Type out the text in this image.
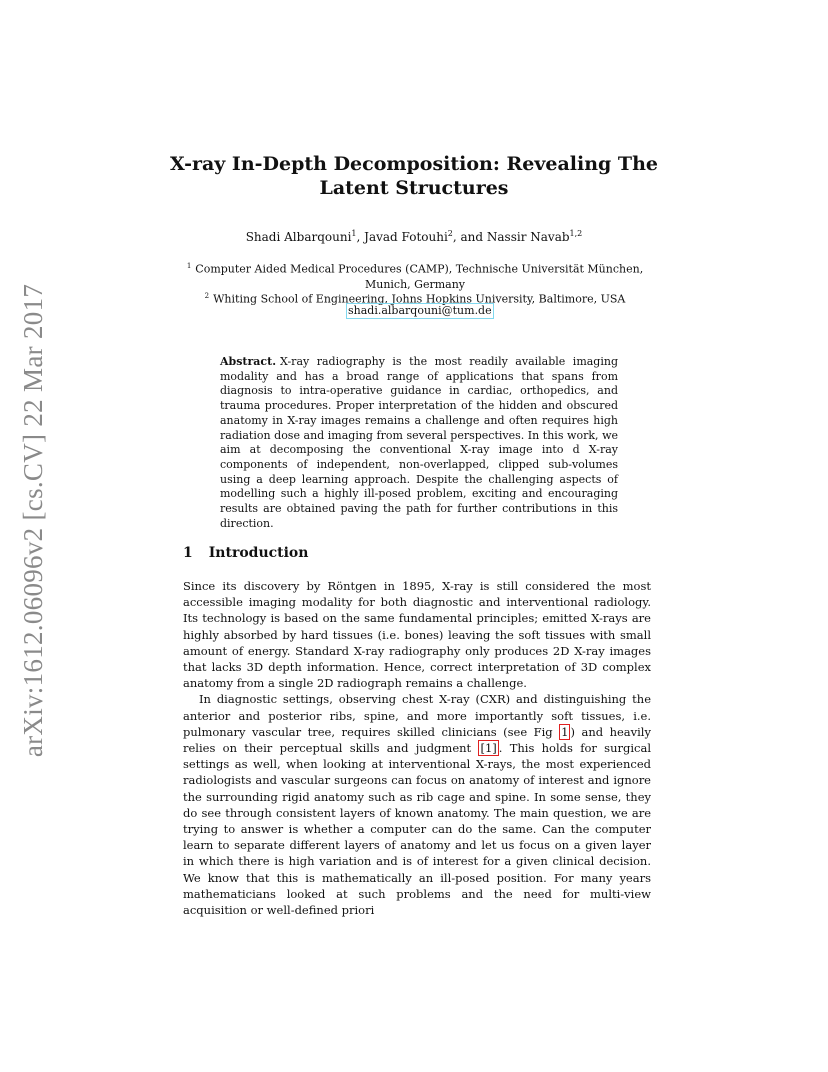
arXiv:1612.06096v2 [cs.CV] 22 Mar 2017
X-ray In-Depth Decomposition: Revealing The Latent Structures
Shadi Albarqouni$^1$, Javad Fotouhi$^2$, and Nassir Navab$^{1,2}$
$^1$ Computer Aided Medical Procedures (CAMP), Technische Universität München, Munich, Germany
$^2$ Whiting School of Engineering, Johns Hopkins University, Baltimore, USA
shadi.albarqouni@tum.de
Abstract. X-ray radiography is the most readily available imaging modality and has a broad range of applications that spans from diagnosis to intra-operative guidance in cardiac, orthopedics, and trauma procedures. Proper interpretation of the hidden and obscured anatomy in X-ray images remains a challenge and often requires high radiation dose and imaging from several perspectives. In this work, we aim at decomposing the conventional X-ray image into d X-ray components of independent, non-overlapped, clipped sub-volumes using a deep learning approach. Despite the challenging aspects of modelling such a highly ill-posed problem, exciting and encouraging results are obtained paving the path for further contributions in this direction.
1 Introduction

Since its discovery by Röntgen in 1895, X-ray is still considered the most accessible imaging modality for both diagnostic and interventional radiology. Its technology is based on the same fundamental principles; emitted X-rays are highly absorbed by hard tissues (i.e. bones) leaving the soft tissues with small amount of energy. Standard X-ray radiography only produces 2D X-ray images that lacks 3D depth information. Hence, correct interpretation of 3D complex anatomy from a single 2D radiograph remains a challenge.

In diagnostic settings, observing chest X-ray (CXR) and distinguishing the anterior and posterior ribs, spine, and more importantly soft tissues, i.e. pulmonary vascular tree, requires skilled clinicians (see Fig 1 ) and heavily relies on their perceptual skills and judgment [1] . This holds for surgical settings as well, when looking at interventional X-rays, the most experienced radiologists and vascular surgeons can focus on anatomy of interest and ignore the surrounding rigid anatomy such as rib cage and spine. In some sense, they do see through consistent layers of known anatomy. The main question, we are trying to answer is whether a computer can do the same. Can the computer learn to separate different layers of anatomy and let us focus on a given layer in which there is high variation and is of interest for a given clinical decision. We know that this is mathematically an ill-posed position. For many years mathematicians looked at such problems and the need for multi-view acquisition or well-defined priori
